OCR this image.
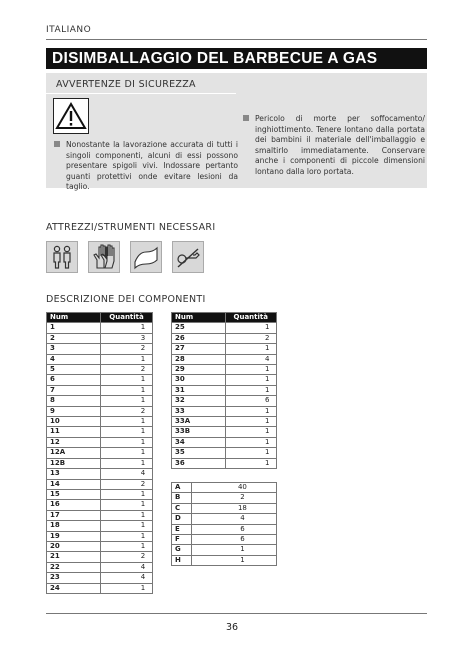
ITALIANO
DISIMBALLAGGIO DEL BARBECUE A GAS
AVVERTENZE DI SICUREZZA

Nonostante la lavorazione accurata di tutti i singoli componenti, alcuni di essi possono presentare spigoli vivi. Indossare pertanto guanti protettivi onde evitare lesioni da taglio.

Pericolo di morte per soffocamento/ inghiottimento. Tenere lontano dalla portata dei bambini il materiale dell'imballaggio e smaltirlo immediatamente. Conservare anche i componenti di piccole dimensioni lontano dalla loro portata.

ATTREZZI/STRUMENTI NECESSARI
DESCRIZIONE DEI COMPONENTI
Num	Quantità
1	1
2	3
3	2
4	1
5	2
6	1
7	1
8	1
9	2
10	1
11	1
12	1
12A	1
12B	1
13	4
14	2
15	1
16	1
17	1
18	1
19	1
20	1
21	2
22	4
23	4
24	1
Num	Quantità
25	1
26	2
27	1
28	4
29	1
30	1
31	1
32	6
33	1
33A	1
33B	1
34	1
35	1
36	1
A	40
B	2
C	18
D	4
E	6
F	6
G	1
H	1
36
